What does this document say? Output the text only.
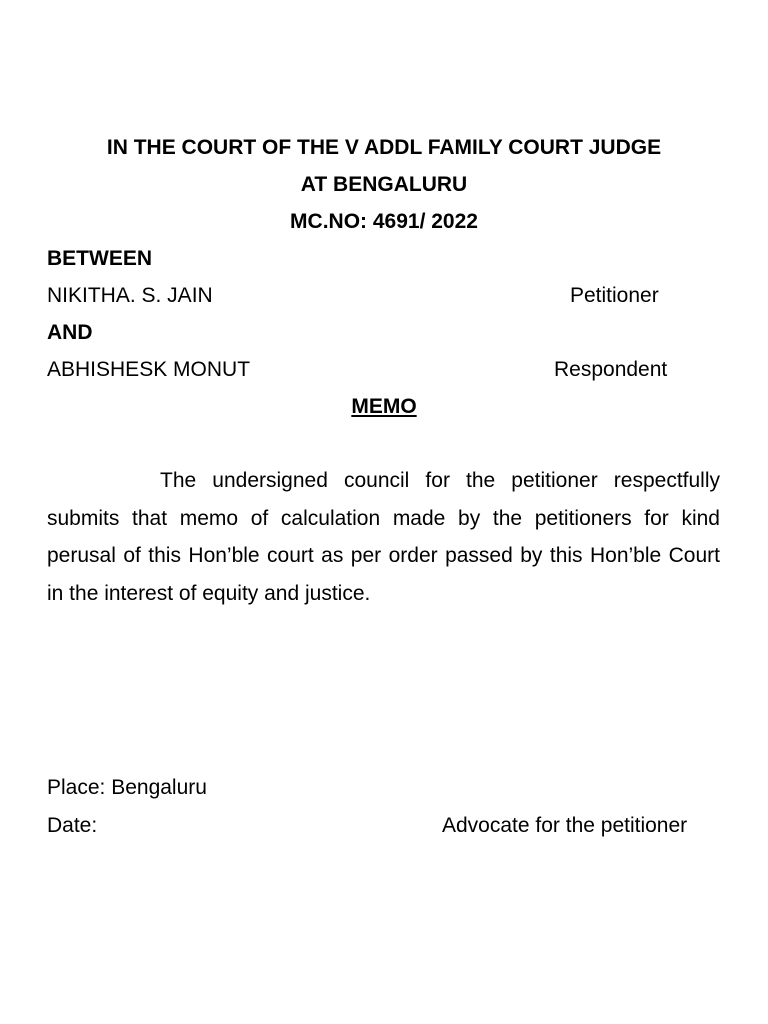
IN THE COURT OF THE V ADDL FAMILY COURT JUDGE
AT BENGALURU
MC.NO: 4691/ 2022
BETWEEN
NIKITHA. S. JAIN	Petitioner
AND
ABHISHESK MONUT	Respondent
MEMO
The undersigned council for the petitioner respectfully submits that memo of calculation made by the petitioners for kind perusal of this Hon’ble court as per order passed by this Hon’ble Court in the interest of equity and justice.
Place: Bengaluru
Date:	Advocate for the petitioner
